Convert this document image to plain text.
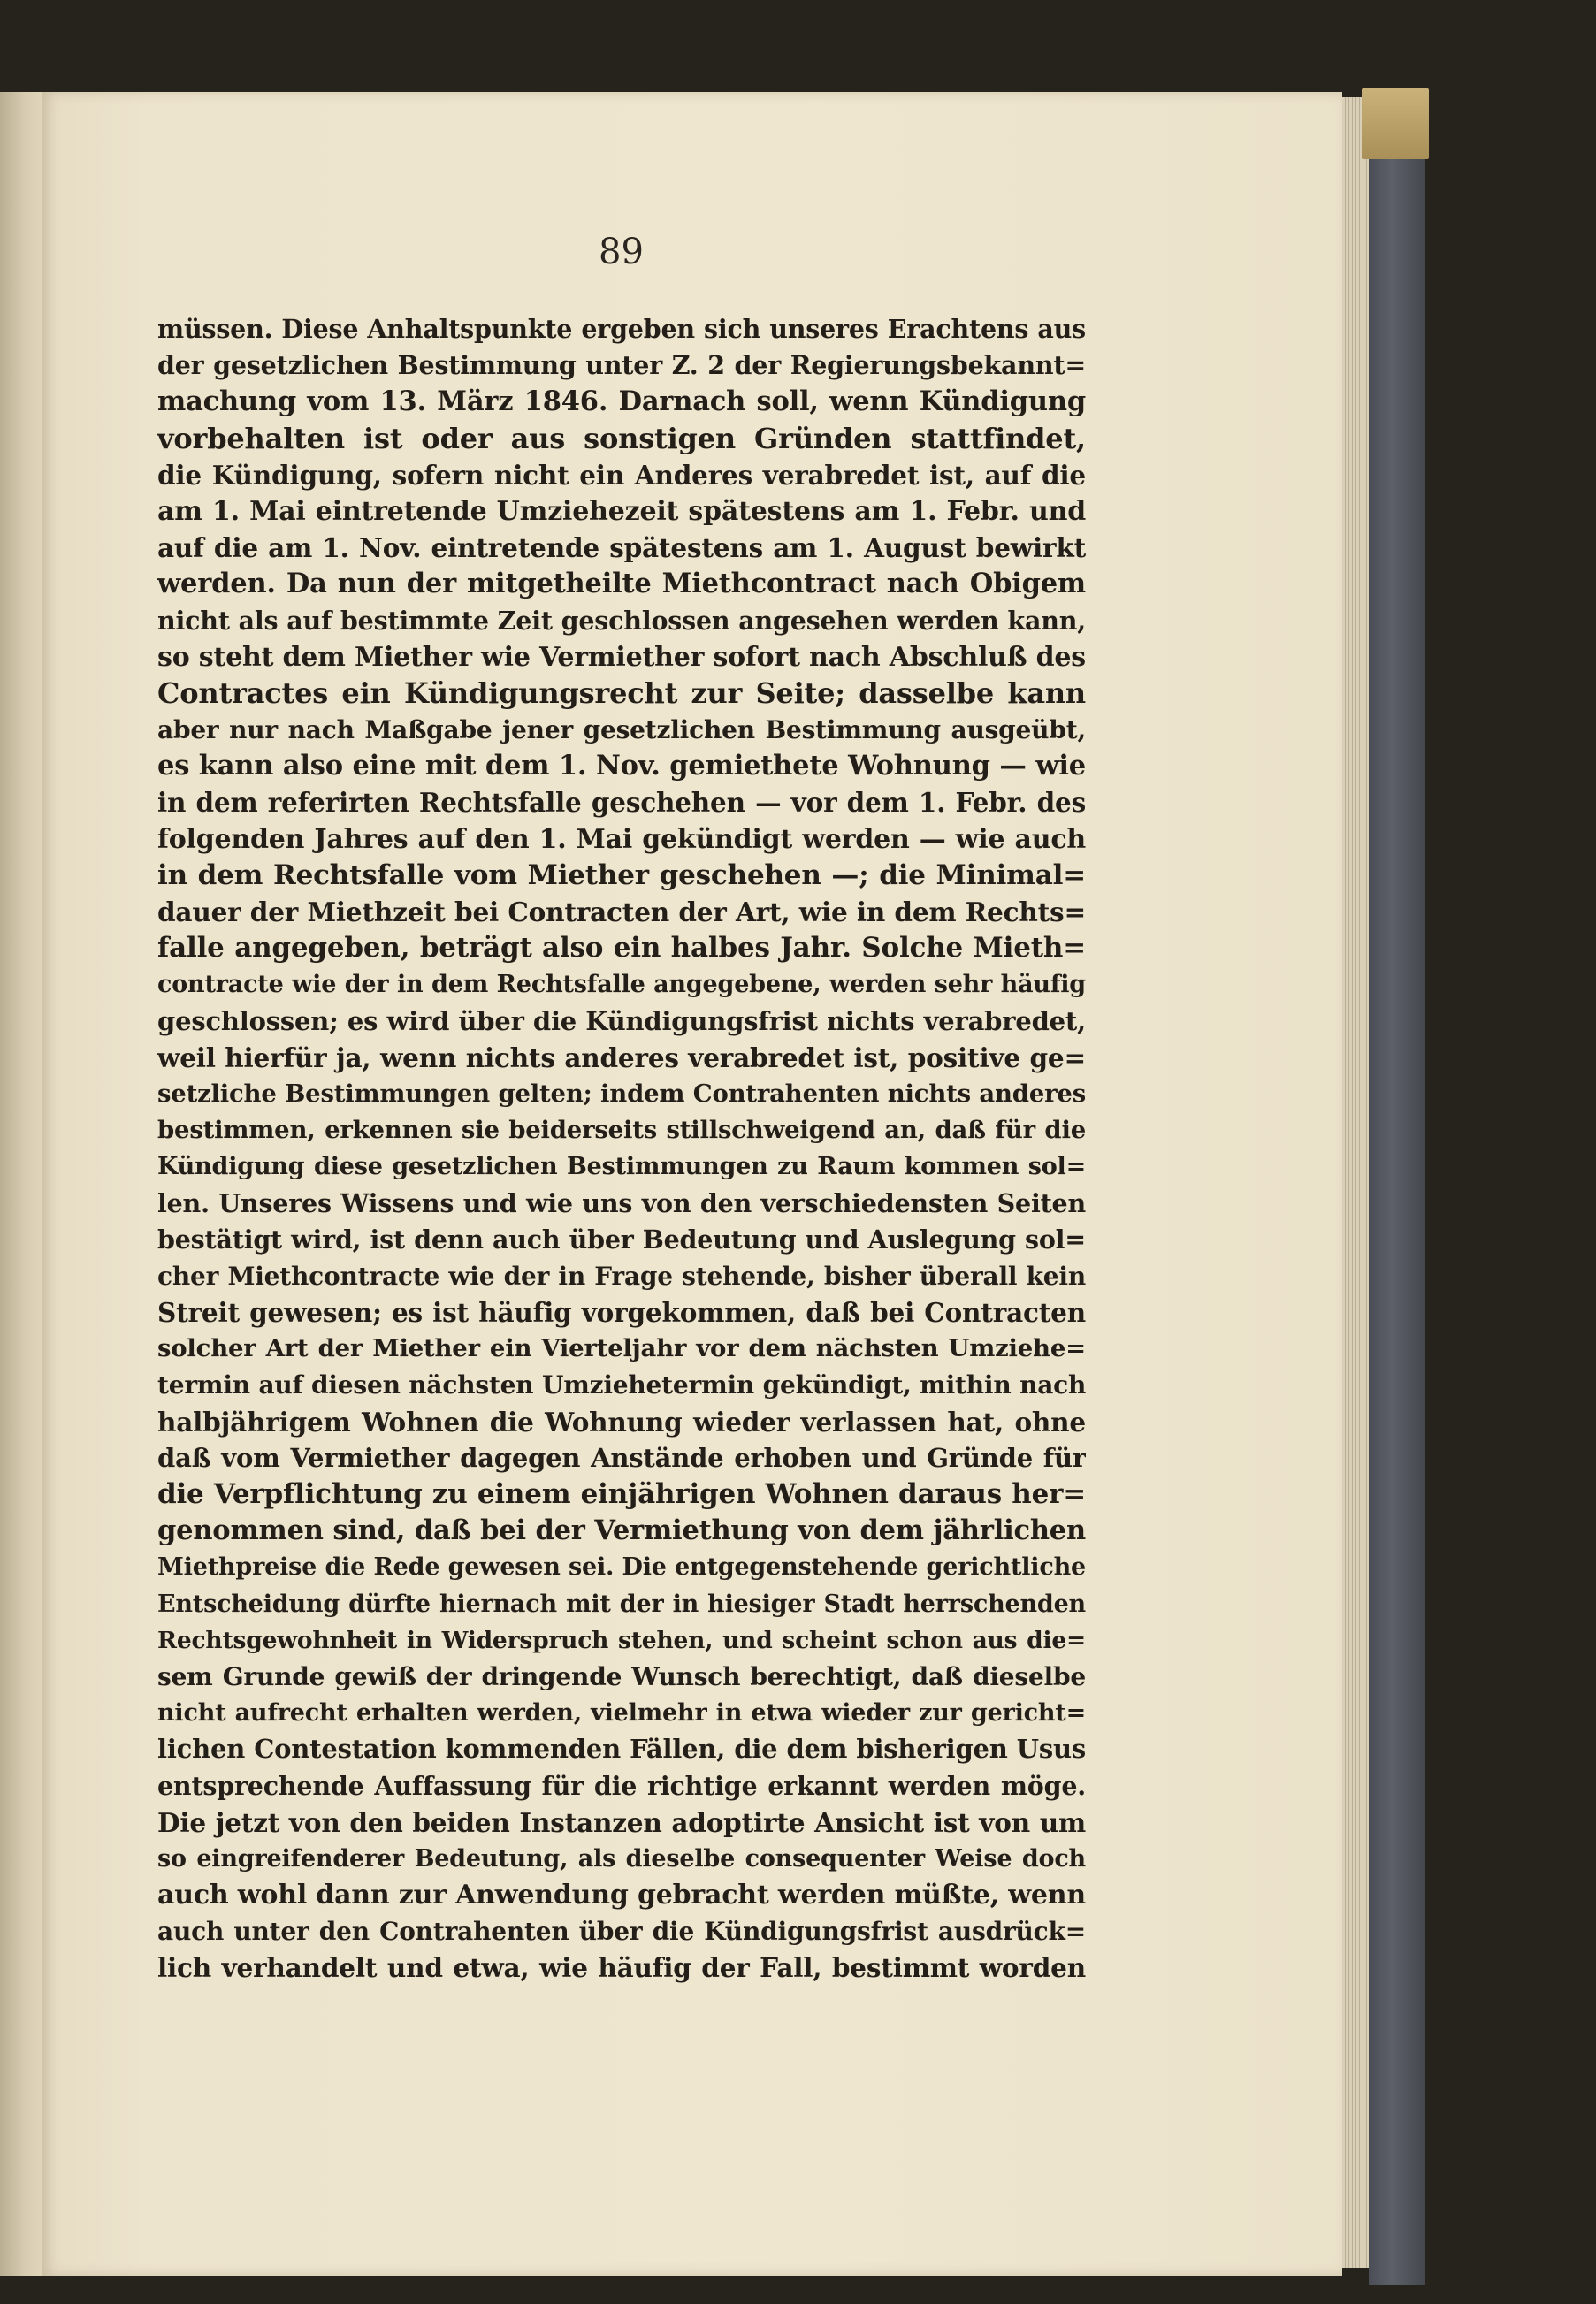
89
müssen. Diese Anhaltspunkte ergeben sich unseres Erachtens aus
der gesetzlichen Bestimmung unter Z. 2 der Regierungsbekannt=
machung vom 13. März 1846. Darnach soll, wenn Kündigung
vorbehalten ist oder aus sonstigen Gründen stattfindet,
die Kündigung, sofern nicht ein Anderes verabredet ist, auf die
am 1. Mai eintretende Umziehezeit spätestens am 1. Febr. und
auf die am 1. Nov. eintretende spätestens am 1. August bewirkt
werden. Da nun der mitgetheilte Miethcontract nach Obigem
nicht als auf bestimmte Zeit geschlossen angesehen werden kann,
so steht dem Miether wie Vermiether sofort nach Abschluß des
Contractes ein Kündigungsrecht zur Seite; dasselbe kann
aber nur nach Maßgabe jener gesetzlichen Bestimmung ausgeübt,
es kann also eine mit dem 1. Nov. gemiethete Wohnung — wie
in dem referirten Rechtsfalle geschehen — vor dem 1. Febr. des
folgenden Jahres auf den 1. Mai gekündigt werden — wie auch
in dem Rechtsfalle vom Miether geschehen —; die Minimal=
dauer der Miethzeit bei Contracten der Art, wie in dem Rechts=
falle angegeben, beträgt also ein halbes Jahr. Solche Mieth=
contracte wie der in dem Rechtsfalle angegebene, werden sehr häufig
geschlossen; es wird über die Kündigungsfrist nichts verabredet,
weil hierfür ja, wenn nichts anderes verabredet ist, positive ge=
setzliche Bestimmungen gelten; indem Contrahenten nichts anderes
bestimmen, erkennen sie beiderseits stillschweigend an, daß für die
Kündigung diese gesetzlichen Bestimmungen zu Raum kommen sol=
len. Unseres Wissens und wie uns von den verschiedensten Seiten
bestätigt wird, ist denn auch über Bedeutung und Auslegung sol=
cher Miethcontracte wie der in Frage stehende, bisher überall kein
Streit gewesen; es ist häufig vorgekommen, daß bei Contracten
solcher Art der Miether ein Vierteljahr vor dem nächsten Umziehe=
termin auf diesen nächsten Umziehetermin gekündigt, mithin nach
halbjährigem Wohnen die Wohnung wieder verlassen hat, ohne
daß vom Vermiether dagegen Anstände erhoben und Gründe für
die Verpflichtung zu einem einjährigen Wohnen daraus her=
genommen sind, daß bei der Vermiethung von dem jährlichen
Miethpreise die Rede gewesen sei. Die entgegenstehende gerichtliche
Entscheidung dürfte hiernach mit der in hiesiger Stadt herrschenden
Rechtsgewohnheit in Widerspruch stehen, und scheint schon aus die=
sem Grunde gewiß der dringende Wunsch berechtigt, daß dieselbe
nicht aufrecht erhalten werden, vielmehr in etwa wieder zur gericht=
lichen Contestation kommenden Fällen, die dem bisherigen Usus
entsprechende Auffassung für die richtige erkannt werden möge.
Die jetzt von den beiden Instanzen adoptirte Ansicht ist von um
so eingreifenderer Bedeutung, als dieselbe consequenter Weise doch
auch wohl dann zur Anwendung gebracht werden müßte, wenn
auch unter den Contrahenten über die Kündigungsfrist ausdrück=
lich verhandelt und etwa, wie häufig der Fall, bestimmt worden
